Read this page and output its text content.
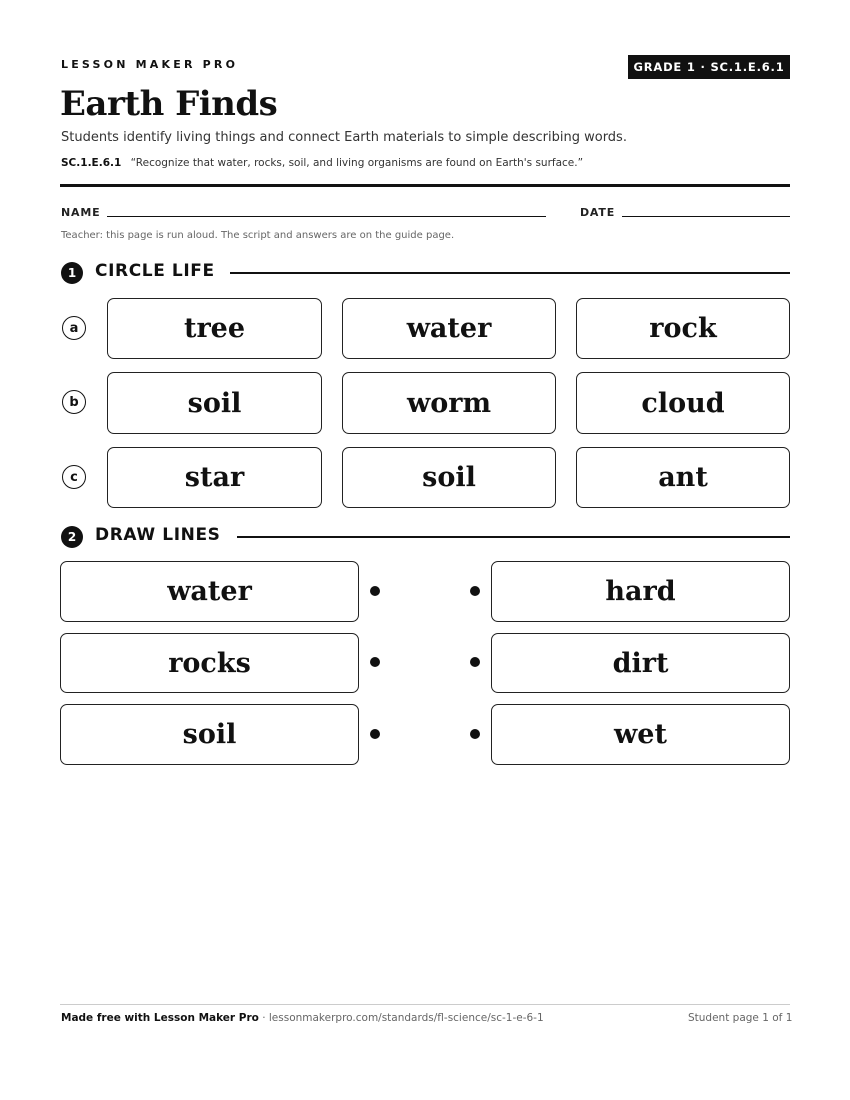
LESSON MAKER PRO	GRADE 1 · SC.1.E.6.1
Earth Finds
Students identify living things and connect Earth materials to simple describing words.
SC.1.E.6.1 “Recognize that water, rocks, soil, and living organisms are found on Earth's surface.”
NAME	DATE
Teacher: this page is run aloud. The script and answers are on the guide page.
1	CIRCLE LIFE
a	tree	water	rock
b	soil	worm	cloud
c	star	soil	ant
2	DRAW LINES
water	hard
rocks	dirt
soil	wet
Made free with Lesson Maker Pro · lessonmakerpro.com/standards/fl-science/sc-1-e-6-1	Student page 1 of 1
